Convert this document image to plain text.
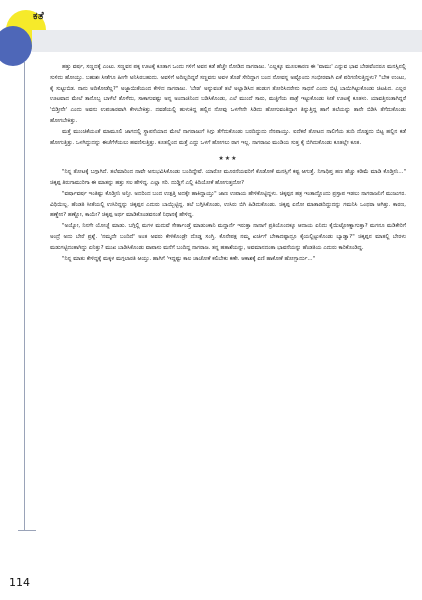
ಕತೆ

ಹತ್ತು ವರ್ಷ, ಸಣ್ಣದಕ್ಕೆ ಎಂಟು. ಸಣ್ಣವನ ಪಕ್ಕ ಊಟಕ್ಕೆ ಕೂತಾಗ ಒಂದು ಗಳಿಗೆ ಅವನ ಕಡೆ ಹೆಚ್ಚೇ ನೋಡಿದ ನಾಗರಾಜು. 'ಎಲ್ಲಕ್ಕೂ ಮೂಲಕಾರಣ ಈ 'ವಾಮು' ಎನ್ನುವ ಭಾವ ಬೇಡವೆಂದರೂ ಮನಸ್ಸಿನಲ್ಲಿ ಸುಳಿದು ಹೋಯ್ತು. ಬಹುಶಃ ಸೀತೆಗೂ ಹೀಗೇ ಅನಿಸಿರಬಹುದು. ಅವಳಿಗೆ ಅದಿಲ್ಲದಿದ್ದರೆ ಸಣ್ಣವನು ಅವಳ ತೊಡೆ ಸೇರಿದ್ದಾಗ ಬಂದ ನೋವನ್ನ ಅಷ್ಟೊಂದು ಗಂಭೀರವಾಗಿ ಏಕೆ ಪರಿಗಣಿಸುತ್ತಿದ್ದಳು? "ಬೇಕ ಉಂಟು, ಕೈ ಸುಟ್ಟುಬಿಡ. ನಾನು ಅದಿಕೋಡೆಲ್ಲ?" ಅಜ್ಜಾಯಿತೆಯಂದ ಕೇಳಿದ ನಾಗರಾಜು. 'ಬೇಡ' ಅನ್ನುವಂತೆ ತಲೆ ಅಲ್ಲಾಡಿಸಿದ ಹುಡುಗ ತೋರಿಸಿದರೇನು ಸಾಧನೆ ಎಂದು ಬಿಟ್ಟಿ ಬಾಯಿಗಿಟ್ಟುಕೊಂಡು ಚಿಟಪಿದ. ಎಲ್ಲರ ಊಟವಾದ ಮೇಲೆ ತಾನೊಬ್ಬ ಬಾಳೆಲೆ ತೊಳೆದು, ಸಾಕಾಗುವಷ್ಟು ಅನ್ನ ಅಂದಾಜಿನಿಂದ ಬಡಿಸಿಕೊಂಡು, ಎಲೆ ಮುಂದೆ ಸಾರು, ಮಜ್ಜಿಗೆಯ ಪಾತ್ರೆ ಇಟ್ಟುಕೊಂಡು ಸೀತೆ ಊಟಕ್ಕೆ ಕೂತಳು. ಯಾವತ್ತಿನಂತಾಗಿದ್ದರೆ 'ಬಿಡ್ತೀನೇ' ಎಂದು ಅವನು ಉಪಚಾರವಾಗಿ ಕೇಳಬೇಕಿತ್ತು. ದವಡೆಯಲ್ಲಿ ಹುಳುಕಿದ್ದ ಹಲ್ಲಿನ ನೋವು ಒಳಗೇನೇ ಸಿಡಿದು ಹೋಗುವಂತಿದ್ದಾಗ ತಿನ್ನುತ್ತಿದ್ದ ಹಾಗೆ ತಲೆಯನ್ನು ತಾನೇ ಬಿಡಿಸಿ ತೆಗೆದುಕೊಂಡು ಹೋಗಬೇಕಿತ್ತು.

ಮತ್ತೆ ಮುಂಚಿಕೆಯಂತೆ ಮಾಮೂಲಿ ಜಾಗದಲ್ಲಿ ಸ್ಥಾಪನೆಯಾದ ಮೇಲೆ ನಾಗರಾಜುಗೆ ಸಿಗ್ಗು ತೆಗೆದುಕೊಂಡು ಬರದಿದ್ದುದು ನೆನಪಾಯ್ತು. ಐದೆಕರೆ ತೋಟದ ನಾಲಿಗೆಯ ತುದಿ ದೊಡ್ಡದು ಬಿಟ್ಟ ಹಲ್ಲಿನ ಕಡೆ ಹೋಗುತ್ತಿತ್ತು. ಒಳಗಿದ್ದುದನ್ನು ಈಚೆಗೆಳೆಯಲು ಹವಣಿಸುತ್ತಿತ್ತು. ಕೂತಲ್ಲಿಂದ ಮತ್ತೆ ಎದ್ದು ಒಳಗೆ ಹೋಗಲು ರಾಗ ಇಲ್ಲ. ನಾಗರಾಜು ಮಂಡಿಯ ಸುತ್ತ ಕೈ ಬಿಗಿದುಕೊಂಡು ಕೂತಲ್ಲೇ ಕೂತ.

★★★

"ನಿನ್ನ ತೋಟಕ್ಕೆ ಬಗ್ಗಾಗಿದೆ. ತಲೆಮಾರಿಂದ ನಾವೇ ಅನುಭವಿಸಿಕೊಂಡು ಬಂದಿದ್ದೇವೆ. ಯಾರೋ ಮೂರನೆಯವರಿಗೆ ಕೊಡೋಕೆ ಮನಸ್ಸಿಗೆ ಕಷ್ಟ ಆಗುತ್ತೆ. ನಿಗಾಧಿಪ್ತ ಹಣ ಹೆಚ್ಚು ಕಡಿಮೆ ಮಾಡಿ ಕೊಡ್ತೀನಿ..." ಚಿಕ್ಕಪ್ಪ ತಿರುಗಾಮುರಿಗಾ ಈ ಮಾತನ್ನು ಹತ್ತು ಸಲ ಹೇಳಿದ್ದ. ಎಲ್ಲಾ ಸರಿ. ದುಡ್ಡಿಗೆ ಎಲ್ಲಿ ಕಿದಿಯೋಕೆ ಹೋಗುತ್ತದೋ?

"ವರ್ಷಾವರ್ಷ ಇಂತಿಷ್ಟು ಕೊಡ್ತೀನಿ ಅನ್ತೀ. ಅದರಿಂದ ಬಂದ ಉತ್ಪತ್ತಿ ಅದಕ್ಕೇ ಹಾಕಿದ್ದಾಯ್ತು" ಜಾಣ ಉಪಾಯ ಹೇಳಿಕೊಟ್ಟಿದ್ದಳು. ಚಿಕ್ಕಪ್ಪನ ಹತ್ರ ಇಂತಾದ್ದೊಂದು ಪ್ರಸ್ತಾಪ ಇಡಲು ನಾಗರಾಜನಿಗೆ ಮುಜುಗರ. ವಿಧಿಯಿಲ್ಲ. ಹೆಂಡತಿ ಸೀತೆಯಲ್ಲಿ ಉಸಿರಿದ್ದನ್ನು ಚಿಕ್ಕಪ್ಪನ ಎದುರು ಬಾಯ್ಬಿಟ್ಟಿದ್ದ. ತಲೆ ಬಗ್ಗಿಸಿಕೊಂಡು, ಉಸಿರು ಬಿಗಿ ಹಿಡಿದುಕೊಂಡು. ಚಿಕ್ಕಪ್ಪ ಏನೋ ಮಾತಾಡದಿದ್ದುದನ್ನು ಗಮನಿಸಿ ಒಂಥರಾ ಆಗಿತ್ತು. ಕಾರಣ, ಹಣ್ಣೇನ? ಹಣ್ಣೋ, ಕಾಯೇ? ಚಿಕ್ಕಪ್ಪ ಅರ್ಥ ಮಾಡಿಕೊಂಡವನಂತೆ ನಿಧಾನಕ್ಕೆ ಹೇಳಿದ್ದ.

"ಅಯ್ಯೋ, ನಿನಗೇ ಯೋಚ್ನೆ ಮಾಡು. ಬಗ್ಗಿಲ್ಲಿ ಮಗಳ ಮದುವೆ ಸೇರ್ತಾಂಡ್ತೆ ಮಾಡುಂಕಾನಿ ಮದ್ದಾರ್ನೆ ಇರುತ್ತಾ ನಾನಾಗೆ ಪ್ರತಿಯೊಂದಕ್ಕೂ ಆದಾಯ ಏನಿದು ಕೈಯಿಟ್ಟೋಣ್ಣಾಗುತ್ತಾ? ಮಗನೂ ಮಡಿಕೇರಿಗೆ ಅಂದ್ರೆ ಅದು ಬೇರೆ ಪ್ರಶ್ನೆ. 'ನಮ್ಮದೇ ಬಂದಿದೆ' ಅಂತ ಅವರು ಕೇಳಿಕೊಂಡ್ರೇ ದೊಡ್ಡ ಸಂಗ್ತಿ. ಕೊನೇಪಕ್ಷ ನಮ್ಮ ಖರ್ಚಿಗೆ ಬೇಕಾದಷ್ಟಾದ್ರೂ ಕೈಯಲ್ಲಿಟ್ಟುಕೊಂಡು ಬ್ಯಾಡ್ವಾ?" ಚಿಕ್ಕಪ್ಪನ ಮಾತಲ್ಲಿ ಬೇರಳು ಮಡುಗಟ್ಟಿದಂತಾಗಿದ್ದು ಏನಿತ್ತು? ಮುಖ ಬಾಡಿಸಿಕೊಂಡು ವಾಪಾಸು ಮನೆಗೆ ಬಂದಿದ್ದ ನಾಗರಾಜ. ತನ್ನ ಹತಾಶೆಯನ್ನು, ಅವಮಾನದಂತಾ ಭಾವನೆಯನ್ನು ಹೆಂಡತಿಯ ಎದುರು ಕಾರಿಕೊಂಡಿದ್ದ.

"ನಿನ್ನ ಮಾತು ಕೇಳಿದ್ದಕ್ಕೆ ಮಕ್ಕಳ ಮಗ್ಗಲಾರತಿ ಆಯ್ತು. ಹಾಗಿಗೆ 'ಇದ್ದಷ್ಟು ಕಾಲ ಚಾಚೋಕೆ ಕಲಿಬೇಕು ಕಣೇ. ಆಕಾಶಕ್ಕೆ ಏಣಿ ಹಾಕೋಕೆ ಹೋಗ್ಬಾರ್ದು..."

114
